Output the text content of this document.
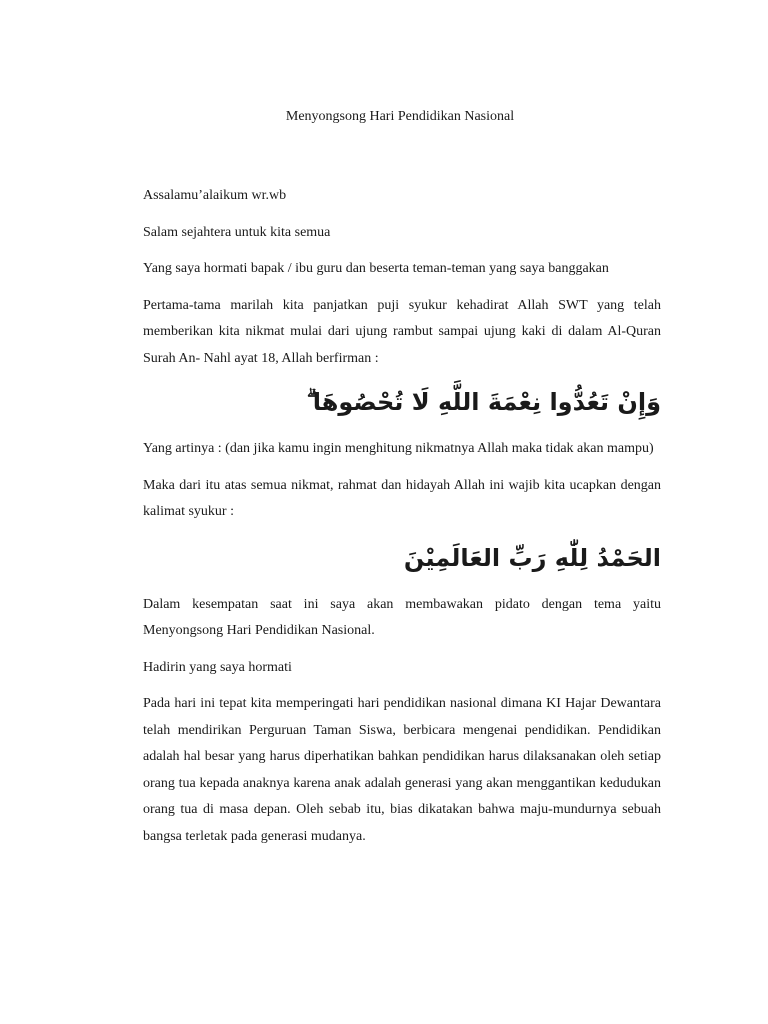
Menyongsong Hari Pendidikan Nasional

Assalamu’alaikum wr.wb

Salam sejahtera untuk kita semua

Yang saya hormati bapak / ibu guru dan beserta teman-teman yang saya banggakan

Pertama-tama marilah kita panjatkan puji syukur kehadirat Allah SWT yang telah memberikan kita nikmat mulai dari ujung rambut sampai ujung kaki di dalam Al-Quran Surah An- Nahl ayat 18, Allah berfirman :

وَإِنْ تَعُدُّوا نِعْمَةَ اللَّهِ لَا تُحْصُوهَا ۗ

Yang artinya : (dan jika kamu ingin menghitung nikmatnya Allah maka tidak akan mampu)

Maka dari itu atas semua nikmat, rahmat dan hidayah Allah ini wajib kita ucapkan dengan kalimat syukur :

الحَمْدُ لِلّٰهِ رَبِّ العَالَمِيْنَ

Dalam kesempatan saat ini saya akan membawakan pidato dengan tema yaitu Menyongsong Hari Pendidikan Nasional.

Hadirin yang saya hormati

Pada hari ini tepat kita memperingati hari pendidikan nasional dimana KI Hajar Dewantara telah mendirikan Perguruan Taman Siswa, berbicara mengenai pendidikan. Pendidikan adalah hal besar yang harus diperhatikan bahkan pendidikan harus dilaksanakan oleh setiap orang tua kepada anaknya karena anak adalah generasi yang akan menggantikan kedudukan orang tua di masa depan. Oleh sebab itu, bias dikatakan bahwa maju-mundurnya sebuah bangsa terletak pada generasi mudanya.
